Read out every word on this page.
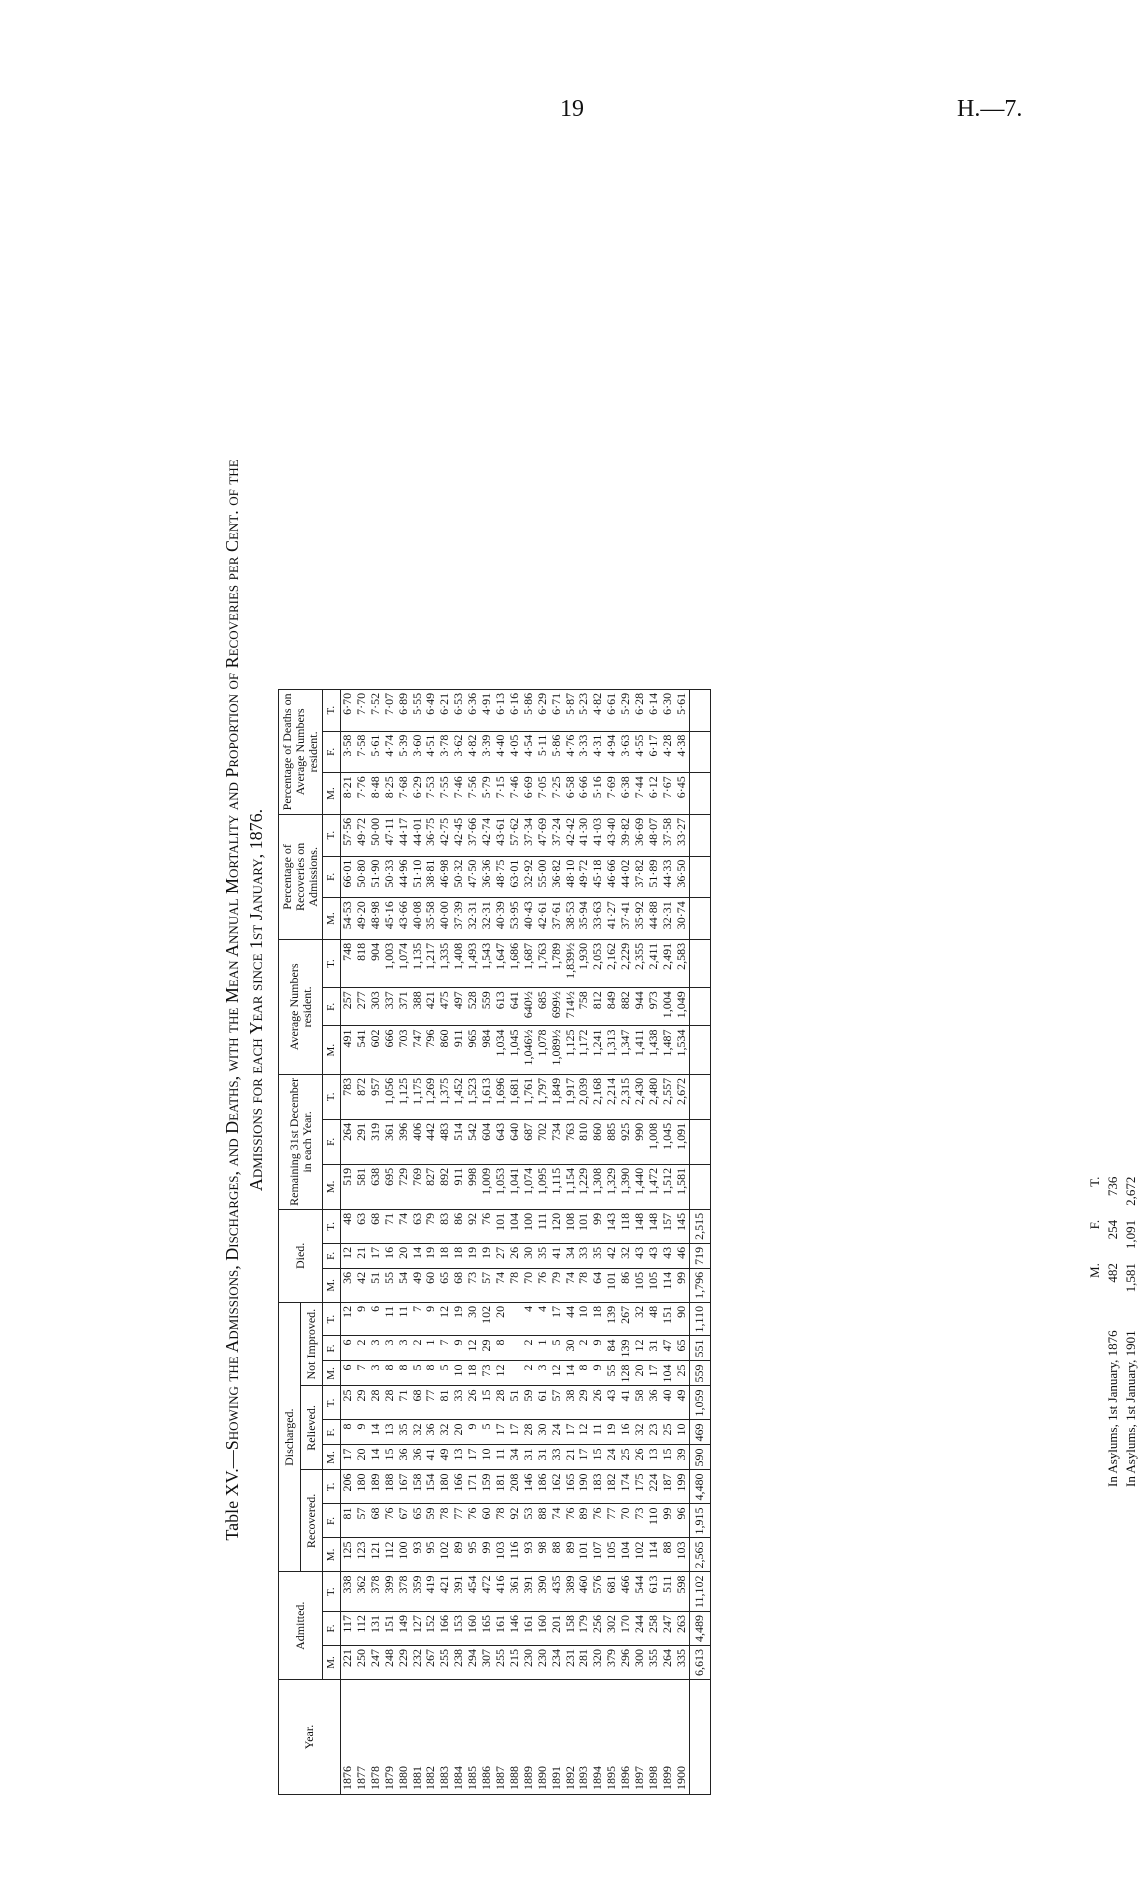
19	H.—7.
Table XV.—Showing the Admissions, Discharges, and Deaths, with the Mean Annual Mortality and Proportion of Recoveries per Cent. of the Admissions for each Year since 1st January, 1876.
Year.	Admitted.			Discharged.									Died.			Remaining 31st December in each Year.			Average Numbers resident.			Percentage of Recoveries on Admissions.			Percentage of Deaths on Average Numbers resident.		
				Recovered.			Relieved.			Not Improved.																	
	M.	F.	T.	M.	F.	T.	M.	F.	T.	M.	F.	T.	M.	F.	T.	M.	F.	T.	M.	F.	T.	M.	F.	T.	M.	F.	T.
1876	221	117	338	125	81	206	17	8	25	6	6	12	36	12	48	519	264	783	491	257	748	54·53	66·01	57·56	8·21	3·58	6·70
1877	250	112	362	123	57	180	20	9	29	7	2	9	42	21	63	581	291	872	541	277	818	49·20	50·80	49·72	7·76	7·58	7·70
1878	247	131	378	121	68	189	14	14	28	3	3	6	51	17	68	638	319	957	602	303	904	48·98	51·90	50·00	8·48	5·61	7·52
1879	248	151	399	112	76	188	15	13	28	8	3	11	55	16	71	695	361	1,056	666	337	1,003	45·16	50·33	47·11	8·25	4·74	7·07
1880	229	149	378	100	67	167	36	35	71	8	3	11	54	20	74	729	396	1,125	703	371	1,074	43·66	44·96	44·17	7·68	5·39	6·89
1881	232	127	359	93	65	158	36	32	68	5	2	7	49	14	63	769	406	1,175	747	388	1,135	40·08	51·10	44·01	6·29	3·60	5·55
1882	267	152	419	95	59	154	41	36	77	8	1	9	60	19	79	827	442	1,269	796	421	1,217	35·58	38·81	36·75	7·53	4·51	6·49
1883	255	166	421	102	78	180	49	32	81	5	7	12	65	18	83	892	483	1,375	860	475	1,335	40·00	46·98	42·75	7·55	3·78	6·21
1884	238	153	391	89	77	166	13	20	33	10	9	19	68	18	86	911	514	1,452	911	497	1,408	37·39	50·32	42·45	7·46	3·62	6·53
1885	294	160	454	95	76	171	17	9	26	18	12	30	73	19	92	998	542	1,523	965	528	1,493	32·31	47·50	37·66	7·56	4·82	6·36
1886	307	165	472	99	60	159	10	5	15	73	29	102	57	19	76	1,009	604	1,613	984	559	1,543	32·31	36·36	42·74	5·79	3·39	4·91
1887	255	161	416	103	78	181	11	17	28	12	8	20	74	27	101	1,053	643	1,696	1,034	613	1,647	40·39	48·75	43·61	7·15	4·40	6·13
1888	215	146	361	116	92	208	34	17	51				78	26	104	1,041	640	1,681	1,045	641	1,686	53·95	63·01	57·62	7·46	4·05	6·16
1889	230	161	391	93	53	146	31	28	59	2	2	4	70	30	100	1,074	687	1,761	1,046½	640½	1,687	40·43	32·92	37·34	6·69	4·54	5·86
1890	230	160	390	98	88	186	31	30	61	3	1	4	76	35	111	1,095	702	1,797	1,078	685	1,763	42·61	55·00	47·69	7·05	5·11	6·29
1891	234	201	435	88	74	162	33	24	57	12	5	17	79	41	120	1,115	734	1,849	1,089½	699½	1,789	37·61	36·82	37·24	7·25	5·86	6·71
1892	231	158	389	89	76	165	21	17	38	14	30	44	74	34	108	1,154	763	1,917	1,125	714½	1,839½	38·53	48·10	42·42	6·58	4·76	5·87
1893	281	179	460	101	89	190	17	12	29	8	2	10	78	33	101	1,229	810	2,039	1,172	758	1,930	35·94	49·72	41·30	6·66	3·33	5·23
1894	320	256	576	107	76	183	15	11	26	9	9	18	64	35	99	1,308	860	2,168	1,241	812	2,053	33·63	45·18	41·03	5·16	4·31	4·82
1895	379	302	681	105	77	182	24	19	43	55	84	139	101	42	143	1,329	885	2,214	1,313	849	2,162	41·27	46·66	43·40	7·69	4·94	6·61
1896	296	170	466	104	70	174	25	16	41	128	139	267	86	32	118	1,390	925	2,315	1,347	882	2,229	37·41	44·02	39·82	6·38	3·63	5·29
1897	300	244	544	102	73	175	26	32	58	20	12	32	105	43	148	1,440	990	2,430	1,411	944	2,355	35·92	37·82	36·69	7·44	4·55	6·28
1898	355	258	613	114	110	224	13	23	36	17	31	48	105	43	148	1,472	1,008	2,480	1,438	973	2,411	44·88	51·89	48·07	6·12	6·17	6·14
1899	264	247	511	88	99	187	15	25	40	104	47	151	114	43	157	1,512	1,045	2,557	1,487	1,004	2,491	32·31	44·33	37·58	7·67	4·28	6·30
1900	335	263	598	103	96	199	39	10	49	25	65	90	99	46	145	1,581	1,091	2,672	1,534	1,049	2,583	30·74	36·50	33·27	6·45	4·38	5·61
	6,613	4,489	11,102	2,565	1,915	4,480	590	469	1,059	559	551	1,110	1,796	719	2,515												
	M.	F.	T.
In Asylums, 1st January, 1876	482	254	736
In Asylums, 1st January, 1901	1,581	1,091	2,672
